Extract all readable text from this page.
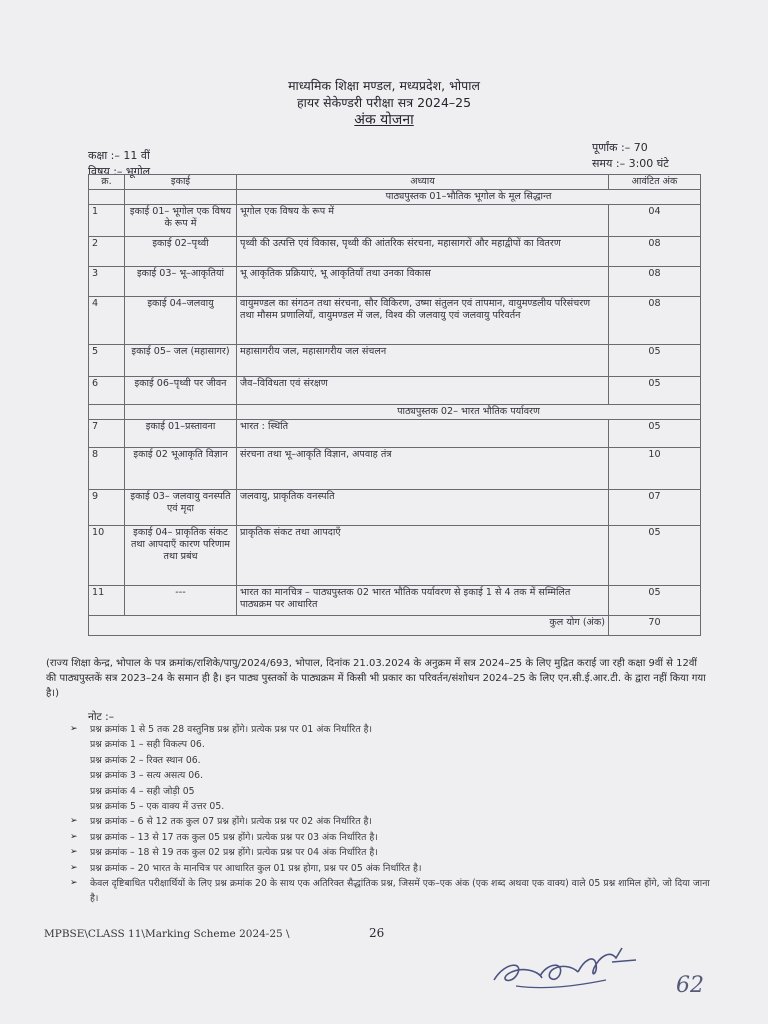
माध्यमिक शिक्षा मण्डल, मध्यप्रदेश, भोपाल
हायर सेकेण्डरी परीक्षा सत्र 2024–25
अंक योजना
कक्षा :– 11 वीं
विषय :– भूगोल
पूर्णांक :– 70
समय :– 3:00 घंटे
क्र.	इकाई	अध्याय	आवंटित अंक
		पाठ्यपुस्तक 01–भौतिक भूगोल के मूल सिद्धान्त	
1	इकाई 01– भूगोल एक विषय के रूप में	भूगोल एक विषय के रूप में	04
2	इकाई 02–पृथ्वी	पृथ्वी की उत्पत्ति एवं विकास, पृथ्वी की आंतरिक संरचना, महासागरों और महाद्वीपों का वितरण	08
3	इकाई 03– भू–आकृतियां	भू आकृतिक प्रक्रियाएं, भू आकृतियाँ तथा उनका विकास	08
4	इकाई 04–जलवायु	वायुमण्डल का संगठन तथा संरचना, सौर विकिरण, उष्मा संतुलन एवं तापमान, वायुमण्डलीय परिसंचरण तथा मौसम प्रणालियाँ, वायुमण्डल में जल, विश्व की जलवायु एवं जलवायु परिवर्तन	08
5	इकाई 05– जल (महासागर)	महासागरीय जल, महासागरीय जल संचलन	05
6	इकाई 06–पृथ्वी पर जीवन	जैव–विविधता एवं संरक्षण	05
		पाठ्यपुस्तक 02– भारत भौतिक पर्यावरण	
7	इकाई 01–प्रस्तावना	भारत : स्थिति	05
8	इकाई 02 भूआकृति विज्ञान	संरचना तथा भू–आकृति विज्ञान, अपवाह तंत्र	10
9	इकाई 03– जलवायु वनस्पति एवं मृदा	जलवायु, प्राकृतिक वनस्पति	07
10	इकाई 04– प्राकृतिक संकट तथा आपदाएँ कारण परिणाम तथा प्रबंध	प्राकृतिक संकट तथा आपदाएँ	05
11	---	भारत का मानचित्र – पाठ्यपुस्तक 02 भारत भौतिक पर्यावरण से इकाई 1 से 4 तक में सम्मिलित पाठ्यक्रम पर आधारित	05
कुल योग (अंक)			70
(राज्य शिक्षा केन्द्र, भोपाल के पत्र क्रमांक/राशिके/पापु/2024/693, भोपाल, दिनांक 21.03.2024 के अनुक्रम में सत्र 2024–25 के लिए मुद्रित कराई जा रही कक्षा 9वीं से 12वीं की पाठ्यपुस्तकें सत्र 2023–24 के समान ही है। इन पाठ्य पुस्तकों के पाठ्यक्रम में किसी भी प्रकार का परिवर्तन/संशोधन 2024–25 के लिए एन.सी.ई.आर.टी. के द्वारा नहीं किया गया है।)
नोट :–
➢ प्रश्न क्रमांक 1 से 5 तक 28 वस्तुनिष्ठ प्रश्न होंगे। प्रत्येक प्रश्न पर 01 अंक निर्धारित है।
प्रश्न क्रमांक 1 – सही विकल्प 06.
प्रश्न क्रमांक 2 – रिक्त स्थान 06.
प्रश्न क्रमांक 3 – सत्य असत्य 06.
प्रश्न क्रमांक 4 – सही जोड़ी 05
प्रश्न क्रमांक 5 – एक वाक्य में उत्तर 05.
➢ प्रश्न क्रमांक – 6 से 12 तक कुल 07 प्रश्न होंगे। प्रत्येक प्रश्न पर 02 अंक निर्धारित है।
➢ प्रश्न क्रमांक – 13 से 17 तक कुल 05 प्रश्न होंगे। प्रत्येक प्रश्न पर 03 अंक निर्धारित है।
➢ प्रश्न क्रमांक – 18 से 19 तक कुल 02 प्रश्न होंगे। प्रत्येक प्रश्न पर 04 अंक निर्धारित है।
➢ प्रश्न क्रमांक – 20 भारत के मानचित्र पर आधारित कुल 01 प्रश्न होगा, प्रश्न पर 05 अंक निर्धारित है।
➢ केवल दृष्टिबाधित परीक्षार्थियों के लिए प्रश्न क्रमांक 20 के साथ एक अतिरिक्त सैद्धांतिक प्रश्न, जिसमें एक–एक अंक (एक शब्द अथवा एक वाक्य) वाले 05 प्रश्न शामिल होंगे, जो दिया जाना है।
MPBSE\CLASS 11\Marking Scheme 2024-25 \	26
62
